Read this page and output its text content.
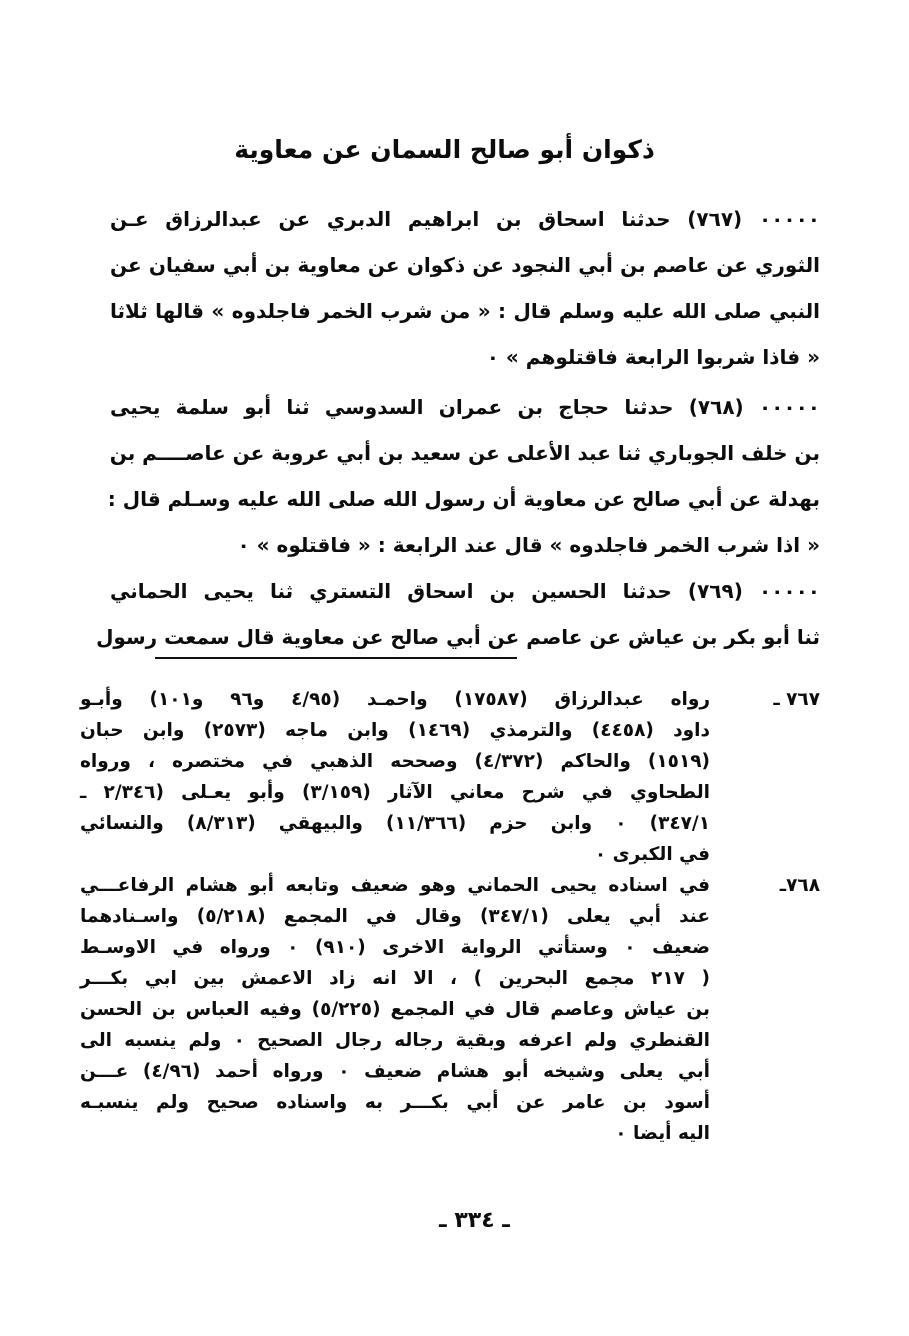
ذكوان أبو صالح السمان عن معاوية
٠٠٠٠٠ (٧٦٧) حدثنا اسحاق بن ابراهيم الدبري عن عبدالرزاق عـن
الثوري عن عاصم بن أبي النجود عن ذكوان عن معاوية بن أبي سفيان عن
النبي صلى الله عليه وسلم قال : « من شرب الخمر فاجلدوه » قالها ثلاثا
« فاذا شربوا الرابعة فاقتلوهم » ٠
٠٠٠٠٠ (٧٦٨) حدثنا حجاج بن عمران السدوسي ثنا أبو سلمة يحيى
بن خلف الجوباري ثنا عبد الأعلى عن سعيد بن أبي عروبة عن عاصــــم بن
بهدلة عن أبي صالح عن معاوية أن رسول الله صلى الله عليه وسـلم قال :
« اذا شرب الخمر فاجلدوه » قال عند الرابعة : « فاقتلوه » ٠
٠٠٠٠٠ (٧٦٩) حدثنا الحسين بن اسحاق التستري ثنا يحيى الحماني
ثنا أبو بكر بن عياش عن عاصم عن أبي صالح عن معاوية قال سمعت رسول
٧٦٧ ـ
رواه عبدالرزاق (١٧٥٨٧) واحمـد (٤/٩٥ و٩٦ و١٠١) وأبـو
داود (٤٤٥٨) والترمذي (١٤٦٩) وابن ماجه (٢٥٧٣) وابن حبان
(١٥١٩) والحاكم (٤/٣٧٢) وصححه الذهبي في مختصره ، ورواه
الطحاوي في شرح معاني الآثار (٣/١٥٩) وأبو يعـلى (٢/٣٤٦ ـ
٣٤٧/١) ٠ وابن حزم (١١/٣٦٦) والبيهقي (٨/٣١٣) والنسائي
في الكبرى ٠
٧٦٨ـ
في اسناده يحيى الحماني وهو ضعيف وتابعه أبو هشام الرفاعـــي
عند أبي يعلى (٣٤٧/١) وقال في المجمع (٥/٢١٨) واسـنادهما
ضعيف ٠ وستأتي الرواية الاخرى (٩١٠) ٠ ورواه في الاوسـط
( ٢١٧ مجمع البحرين ) ، الا انه زاد الاعمش بين ابي بكـــر
بن عياش وعاصم قال في المجمع (٥/٢٢٥) وفيه العباس بن الحسن
القنطري ولم اعرفه وبقية رجاله رجال الصحيح ٠ ولم ينسبه الى
أبي يعلى وشيخه أبو هشام ضعيف ٠ ورواه أحمد (٤/٩٦) عـــن
أسود بن عامر عن أبي بكـــر به واسناده صحيح ولم ينسبـه
اليه أيضا ٠
ـ ٣٣٤ ـ
